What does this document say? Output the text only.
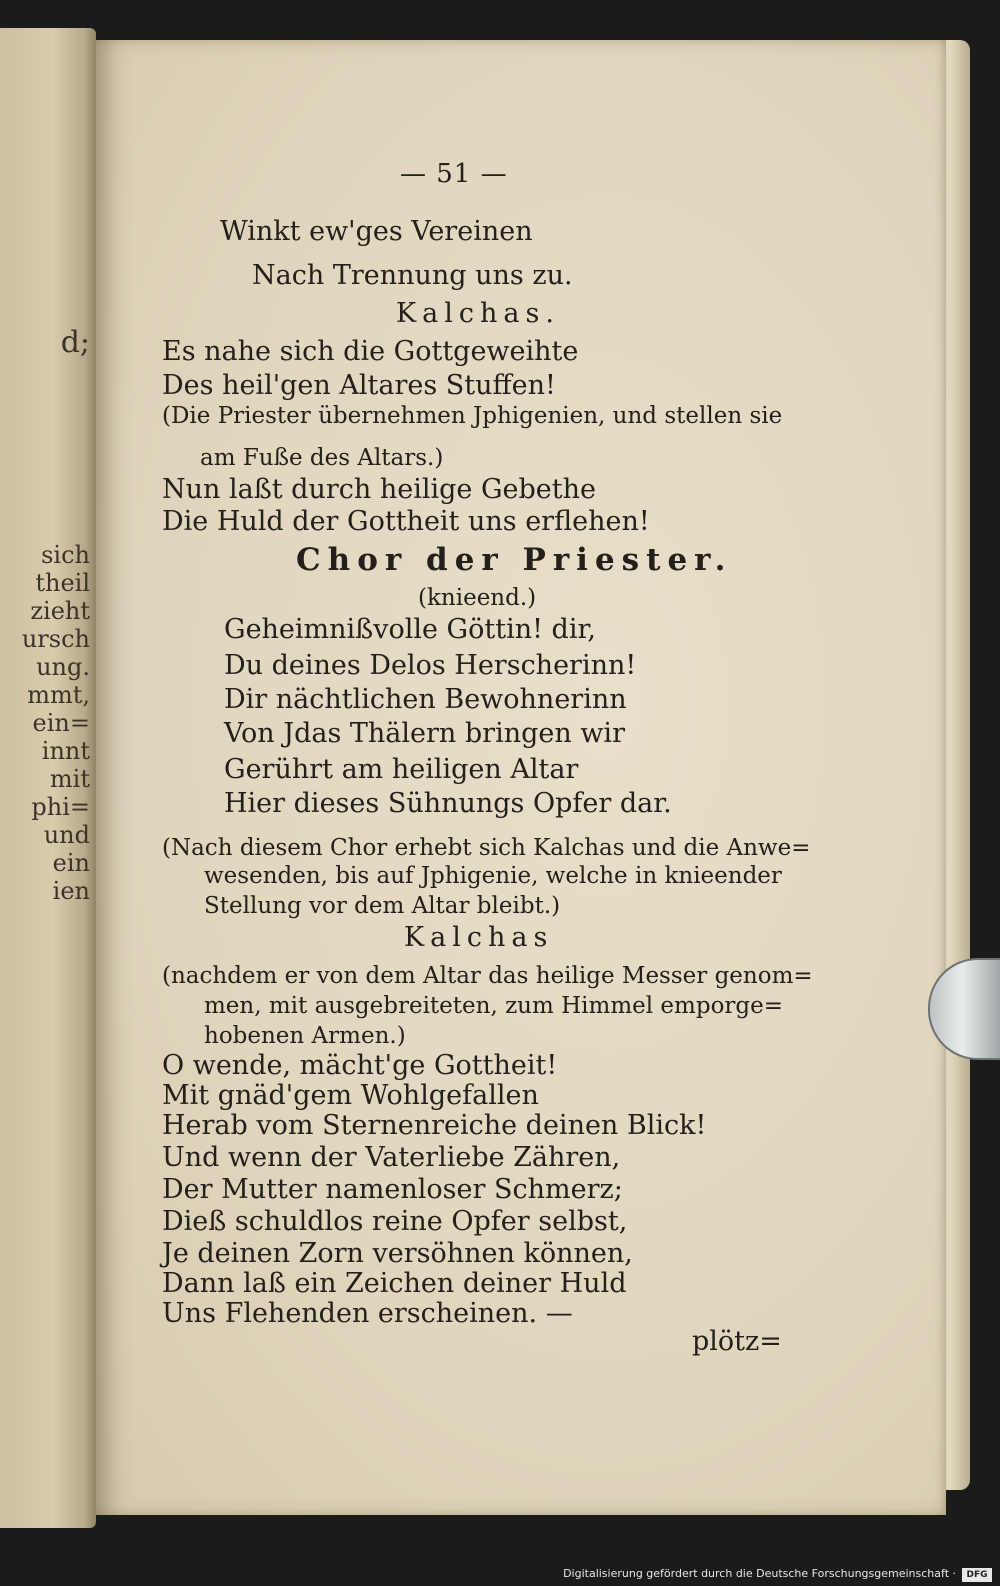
d;
sich
theil
zieht
ursch
ung.
mmt,
ein=
innt
mit
phi=
und
ein
ien
— 51 —
Winkt ew'ges Vereinen
Nach Trennung uns zu.
Kalchas.
Es nahe sich die Gottgeweihte
Des heil'gen Altares Stuffen!
(Die Priester übernehmen Jphigenien, und stellen sie
am Fuße des Altars.)
Nun laßt durch heilige Gebethe
Die Huld der Gottheit uns erflehen!
Chor der Priester.
(knieend.)
Geheimnißvolle Göttin! dir,
Du deines Delos Herscherinn!
Dir nächtlichen Bewohnerinn
Von Jdas Thälern bringen wir
Gerührt am heiligen Altar
Hier dieses Sühnungs Opfer dar.
(Nach diesem Chor erhebt sich Kalchas und die Anwe=
wesenden, bis auf Jphigenie, welche in knieender
Stellung vor dem Altar bleibt.)
Kalchas
(nachdem er von dem Altar das heilige Messer genom=
men, mit ausgebreiteten, zum Himmel emporge=
hobenen Armen.)
O wende, mächt'ge Gottheit!
Mit gnäd'gem Wohlgefallen
Herab vom Sternenreiche deinen Blick!
Und wenn der Vaterliebe Zähren,
Der Mutter namenloser Schmerz;
Dieß schuldlos reine Opfer selbst,
Je deinen Zorn versöhnen können,
Dann laß ein Zeichen deiner Huld
Uns Flehenden erscheinen. —
plötz=
Digitalisierung gefördert durch die Deutsche Forschungsgemeinschaft ·	DFG
